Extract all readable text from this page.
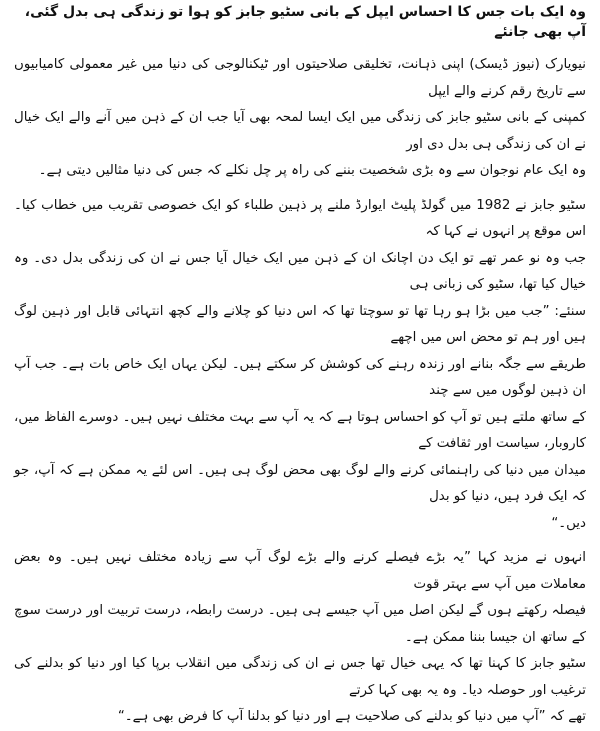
وہ ایک بات جس کا احساس ایپل کے بانی سٹیو جابز کو ہوا تو زندگی ہی بدل گئی، آپ بھی جانئے

نیویارک (نیوز ڈیسک) اپنی ذہانت، تخلیقی صلاحیتوں اور ٹیکنالوجی کی دنیا میں غیر معمولی کامیابیوں سے تاریخ رقم کرنے والے ایپل
کمپنی کے بانی سٹیو جابز کی زندگی میں ایک ایسا لمحہ بھی آیا جب ان کے ذہن میں آنے والے ایک خیال نے ان کی زندگی ہی بدل دی اور
وہ ایک عام نوجوان سے وہ بڑی شخصیت بننے کی راہ پر چل نکلے کہ جس کی دنیا مثالیں دیتی ہے۔

سٹیو جابز نے 1982 میں گولڈ پلیٹ ایوارڈ ملنے پر ذہین طلباء کو ایک خصوصی تقریب میں خطاب کیا۔ اس موقع پر انہوں نے کہا کہ
جب وہ نو عمر تھے تو ایک دن اچانک ان کے ذہن میں ایک خیال آیا جس نے ان کی زندگی بدل دی۔ وہ خیال کیا تھا، سٹیو کی زبانی ہی
سنئے: ”جب میں بڑا ہو رہا تھا تو سوچتا تھا کہ اس دنیا کو چلانے والے کچھ انتہائی قابل اور ذہین لوگ ہیں اور ہم تو محض اس میں اچھے
طریقے سے جگہ بنانے اور زندہ رہنے کی کوشش کر سکتے ہیں۔ لیکن یہاں ایک خاص بات ہے۔ جب آپ ان ذہین لوگوں میں سے چند
کے ساتھ ملتے ہیں تو آپ کو احساس ہوتا ہے کہ یہ آپ سے بہت مختلف نہیں ہیں۔ دوسرے الفاظ میں، کاروبار، سیاست اور ثقافت کے
میدان میں دنیا کی راہنمائی کرنے والے لوگ بھی محض لوگ ہی ہیں۔ اس لئے یہ ممکن ہے کہ آپ، جو کہ ایک فرد ہیں، دنیا کو بدل
دیں۔“

انہوں نے مزید کہا ”یہ بڑے فیصلے کرنے والے بڑے لوگ آپ سے زیادہ مختلف نہیں ہیں۔ وہ بعض معاملات میں آپ سے بہتر قوت
فیصلہ رکھتے ہوں گے لیکن اصل میں آپ جیسے ہی ہیں۔ درست رابطہ، درست تربیت اور درست سوچ کے ساتھ ان جیسا بننا ممکن ہے۔
سٹیو جابز کا کہنا تھا کہ یہی خیال تھا جس نے ان کی زندگی میں انقلاب برپا کیا اور دنیا کو بدلنے کی ترغیب اور حوصلہ دیا۔ وہ یہ بھی کہا کرتے
تھے کہ ”آپ میں دنیا کو بدلنے کی صلاحیت ہے اور دنیا کو بدلنا آپ کا فرض بھی ہے۔“
